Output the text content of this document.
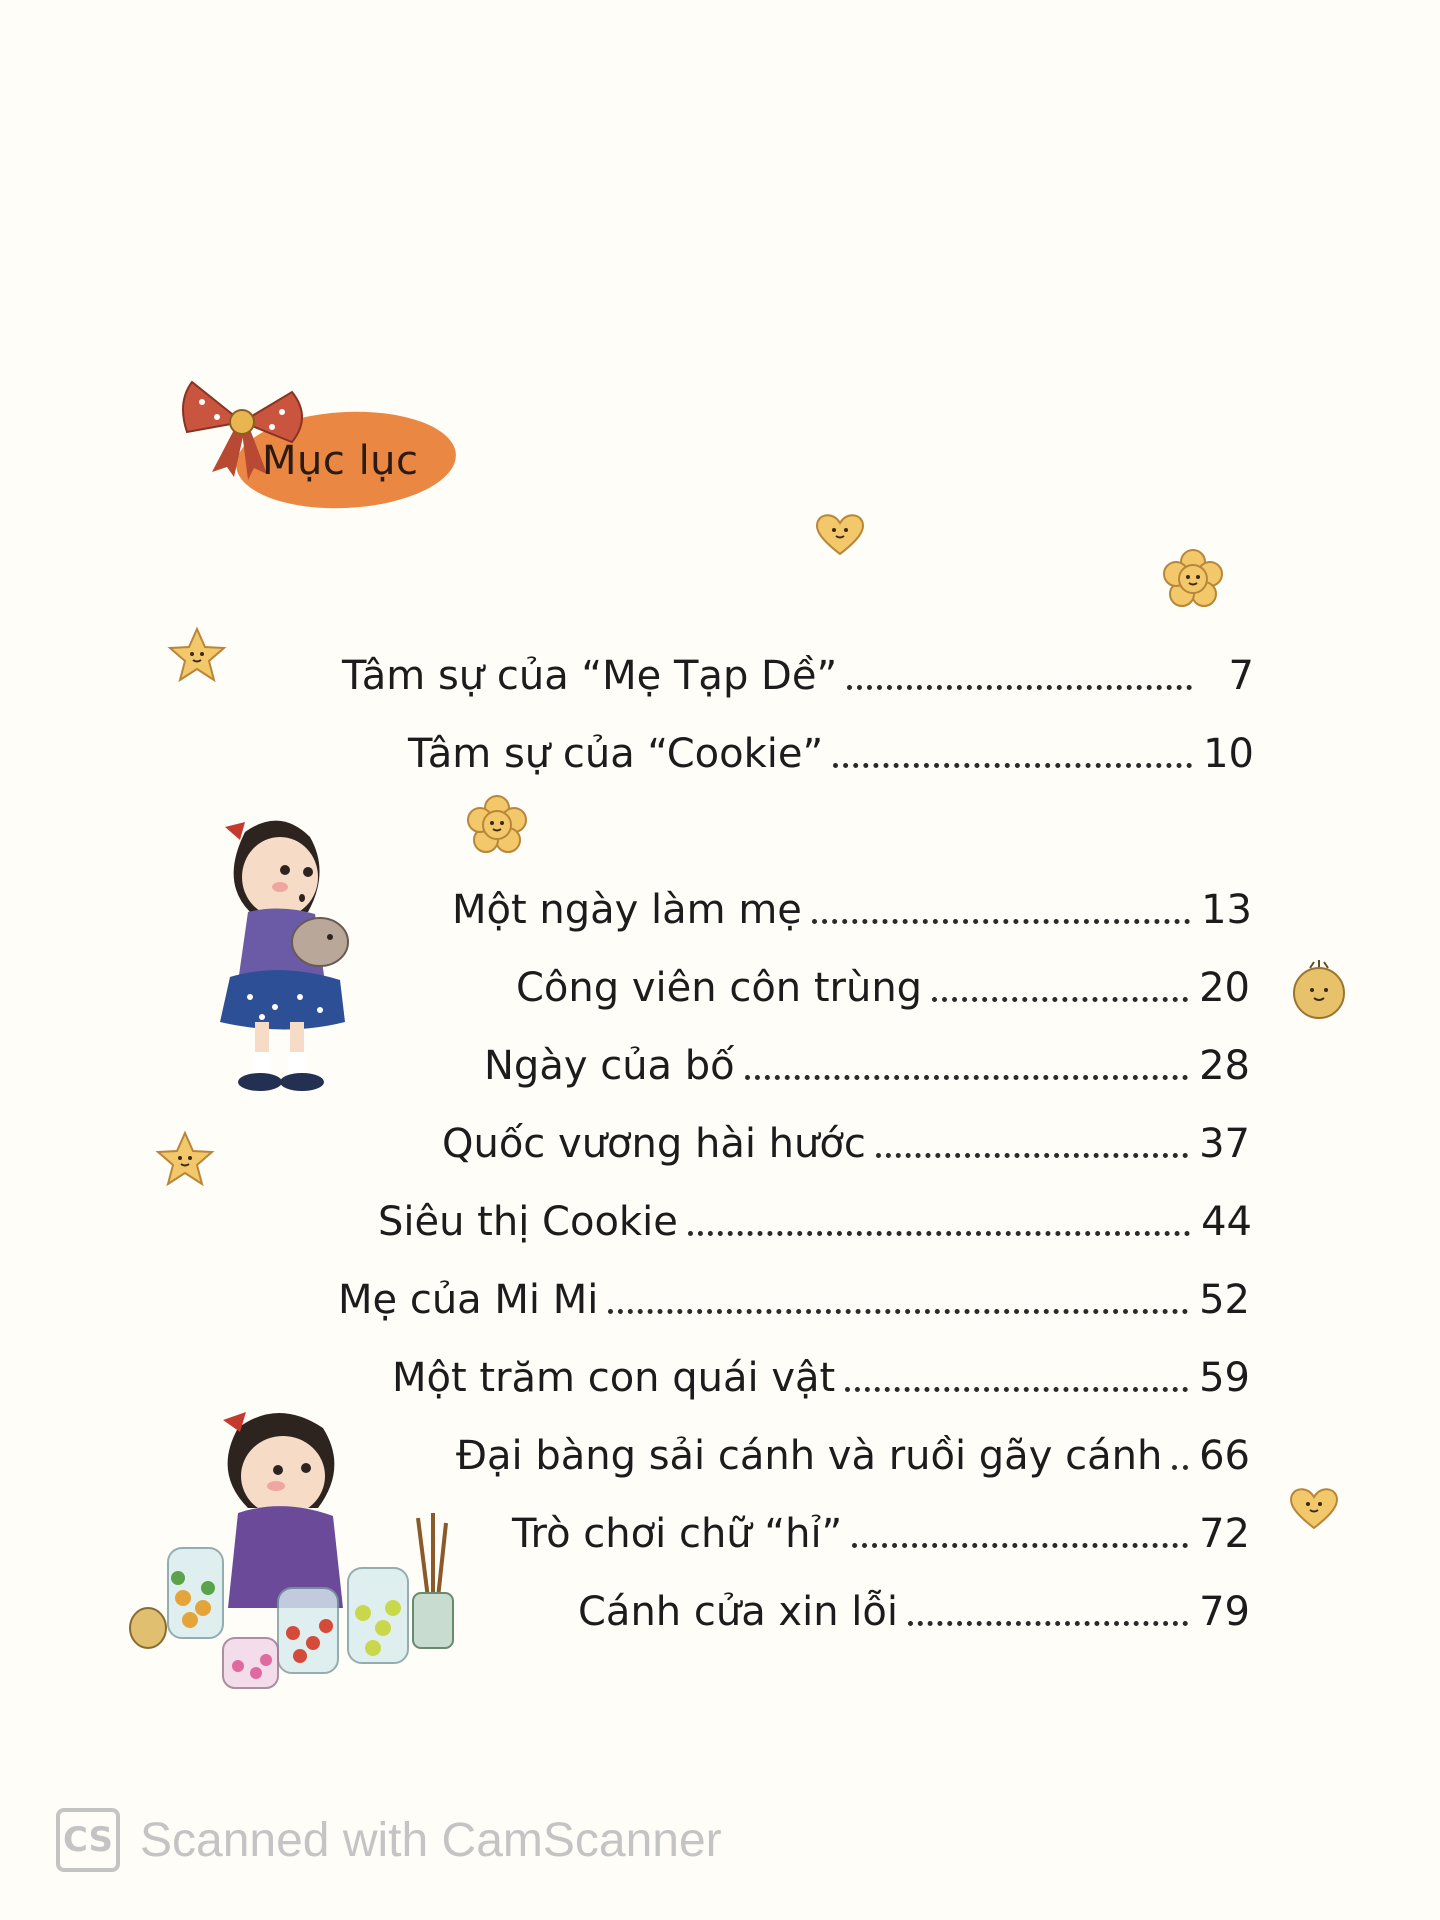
Mục lục
Tâm sự của “Mẹ Tạp Dề”	7
Tâm sự của “Cookie”	10
Một ngày làm mẹ	13
Công viên côn trùng	20
Ngày của bố	28
Quốc vương hài hước	37
Siêu thị Cookie	44
Mẹ của Mi Mi	52
Một trăm con quái vật	59
Đại bàng sải cánh và ruồi gãy cánh 66
Trò chơi chữ “hỉ”	72
Cánh cửa xin lỗi	79
CS Scanned with CamScanner
